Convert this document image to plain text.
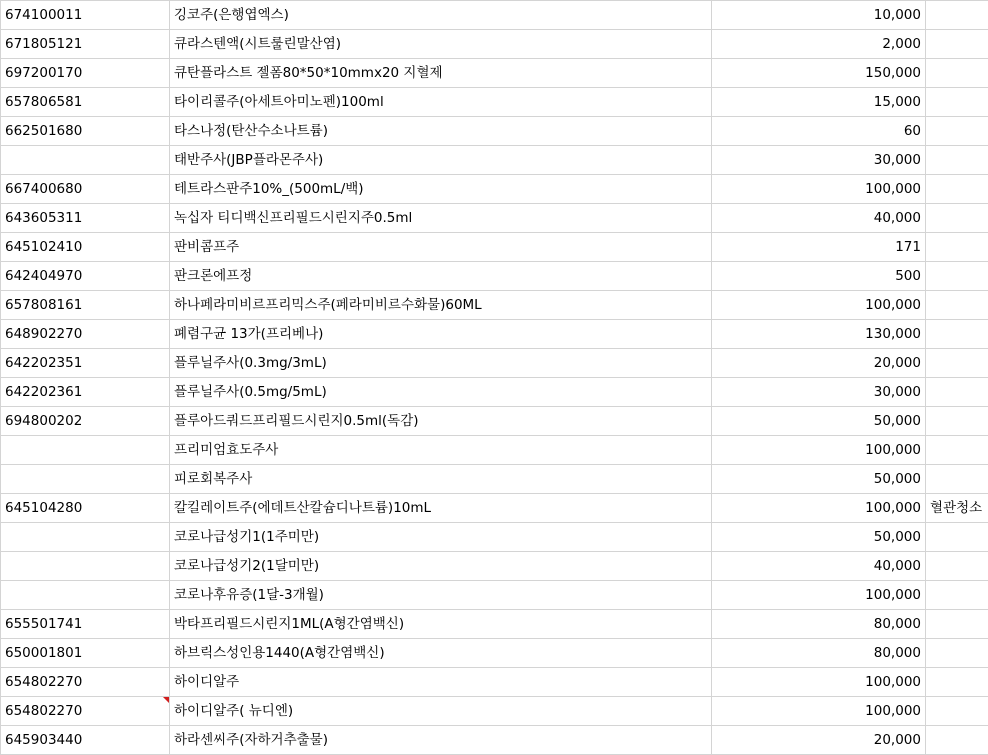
674100011	깅코주(은행엽엑스)	10,000		
671805121	큐라스텐액(시트룰린말산염)	2,000		
697200170	큐탄플라스트 젤폼80*50*10mmx20 지혈제	150,000		
657806581	타이리콜주(아세트아미노펜)100ml	15,000		
662501680	타스나정(탄산수소나트륨)	60		
	태반주사(JBP플라몬주사)	30,000		
667400680	테트라스판주10%_(500mL/백)	100,000		
643605311	녹십자 티디백신프리필드시린지주0.5ml	40,000		
645102410	판비콤프주	171		
642404970	판크론에프정	500		
657808161	하나페라미비르프리믹스주(페라미비르수화물)60ML	100,000		
648902270	폐렴구균 13가(프리베나)	130,000		
642202351	플루닐주사(0.3mg/3mL)	20,000		
642202361	플루닐주사(0.5mg/5mL)	30,000		
694800202	플루아드쿼드프리필드시린지0.5ml(독감)	50,000		
	프리미엄효도주사	100,000		
	피로회복주사	50,000		
645104280	칼킬레이트주(에데트산칼슘디나트륨)10mL	100,000	혈관청소	
	코로나급성기1(1주미만)	50,000		
	코로나급성기2(1달미만)	40,000		
	코로나후유증(1달-3개월)	100,000		
655501741	박타프리필드시린지1ML(A형간염백신)	80,000		
650001801	하브릭스성인용1440(A형간염백신)	80,000		
654802270	하이디알주	100,000		
654802270	하이디알주( 뉴디엔)	100,000		
645903440	하라센씨주(자하거추출물)	20,000		
